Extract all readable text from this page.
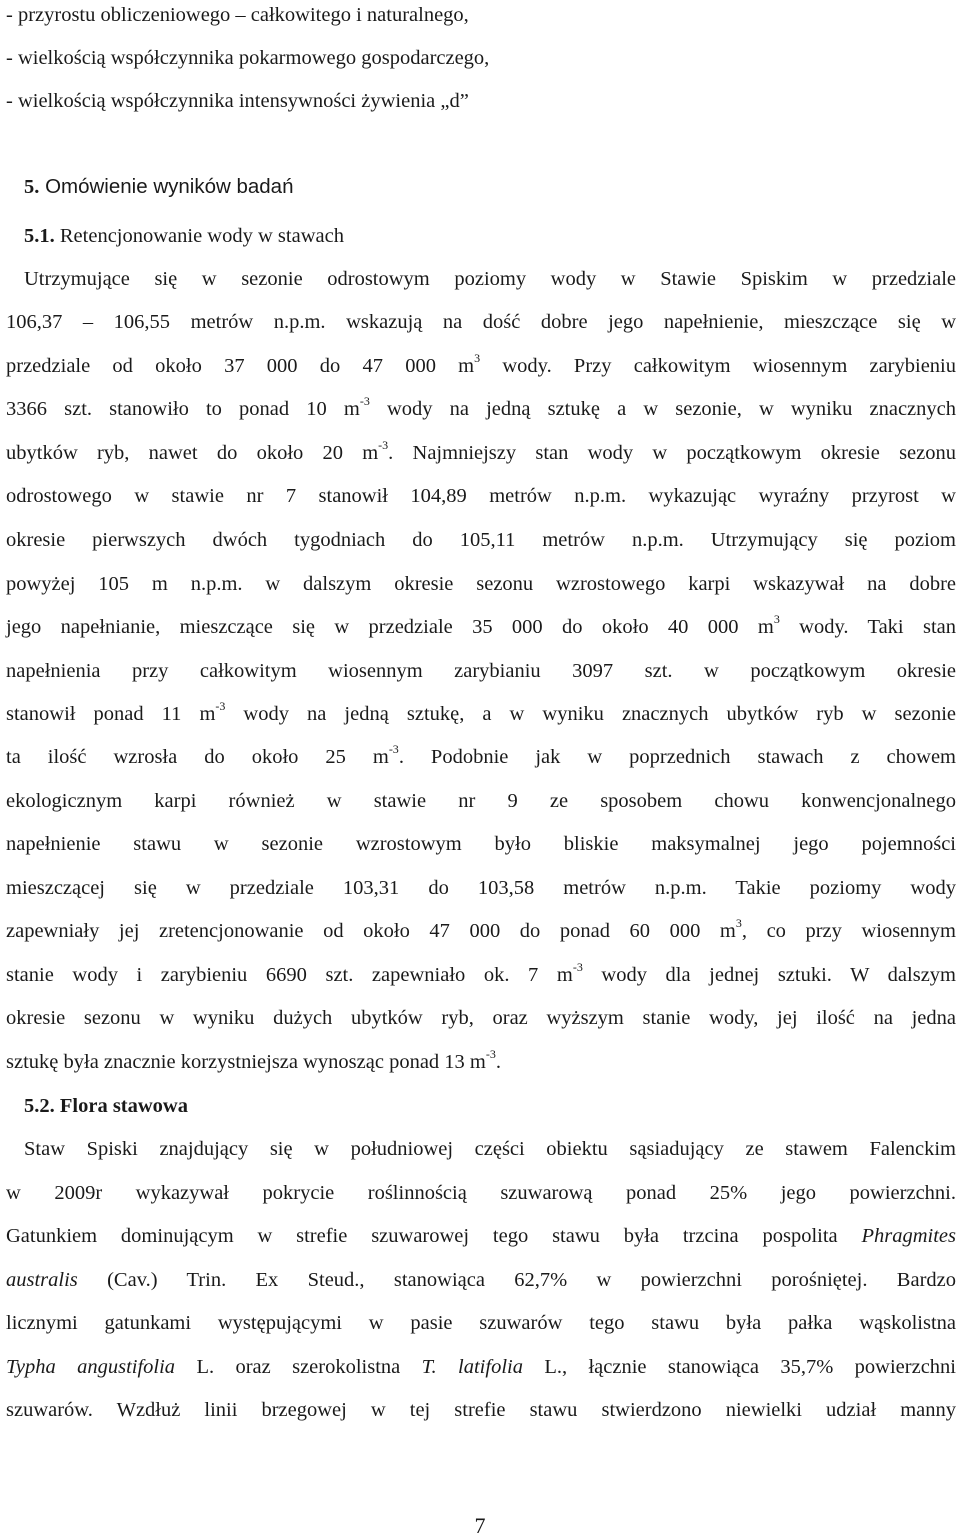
- przyrostu obliczeniowego – całkowitego i naturalnego,
- wielkością współczynnika pokarmowego gospodarczego,
- wielkością współczynnika intensywności żywienia „d”
5. Omówienie wyników badań
5.1. Retencjonowanie wody w stawach
Utrzymujące się w sezonie odrostowym poziomy wody w Stawie Spiskim w przedziale
106,37 – 106,55 metrów n.p.m. wskazują na dość dobre jego napełnienie, mieszczące się w
przedziale od około 37 000 do 47 000 $m^3$ wody. Przy całkowitym wiosennym zarybieniu
3366 szt. stanowiło to ponad 10 $m^{-3}$ wody na jedną sztukę a w sezonie, w wyniku znacznych
ubytków ryb, nawet do około 20 $m^{-3}$. Najmniejszy stan wody w początkowym okresie sezonu
odrostowego w stawie nr 7 stanowił 104,89 metrów n.p.m. wykazując wyraźny przyrost w
okresie pierwszych dwóch tygodniach do 105,11 metrów n.p.m. Utrzymujący się poziom
powyżej 105 m n.p.m. w dalszym okresie sezonu wzrostowego karpi wskazywał na dobre
jego napełnianie, mieszczące się w przedziale 35 000 do około 40 000 $m^3$ wody. Taki stan
napełnienia przy całkowitym wiosennym zarybianiu 3097 szt. w początkowym okresie
stanowił ponad 11 $m^{-3}$ wody na jedną sztukę, a w wyniku znacznych ubytków ryb w sezonie
ta ilość wzrosła do około 25 $m^{-3}$. Podobnie jak w poprzednich stawach z chowem
ekologicznym karpi również w stawie nr 9 ze sposobem chowu konwencjonalnego
napełnienie stawu w sezonie wzrostowym było bliskie maksymalnej jego pojemności
mieszczącej się w przedziale 103,31 do 103,58 metrów n.p.m. Takie poziomy wody
zapewniały jej zretencjonowanie od około 47 000 do ponad 60 000 $m^3$, co przy wiosennym
stanie wody i zarybieniu 6690 szt. zapewniało ok. 7 $m^{-3}$ wody dla jednej sztuki. W dalszym
okresie sezonu w wyniku dużych ubytków ryb, oraz wyższym stanie wody, jej ilość na jedna
sztukę była znacznie korzystniejsza wynosząc ponad 13 $m^{-3}$.
5.2. Flora stawowa
Staw Spiski znajdujący się w południowej części obiektu sąsiadujący ze stawem Falenckim
w 2009r wykazywał pokrycie roślinnością szuwarową ponad 25% jego powierzchni.
Gatunkiem dominującym w strefie szuwarowej tego stawu była trzcina pospolita Phragmites
australis (Cav.) Trin. Ex Steud., stanowiąca 62,7% w powierzchni porośniętej. Bardzo
licznymi gatunkami występującymi w pasie szuwarów tego stawu była pałka wąskolistna
Typha angustifolia L. oraz szerokolistna T. latifolia L., łącznie stanowiąca 35,7% powierzchni
szuwarów. Wzdłuż linii brzegowej w tej strefie stawu stwierdzono niewielki udział manny
7
